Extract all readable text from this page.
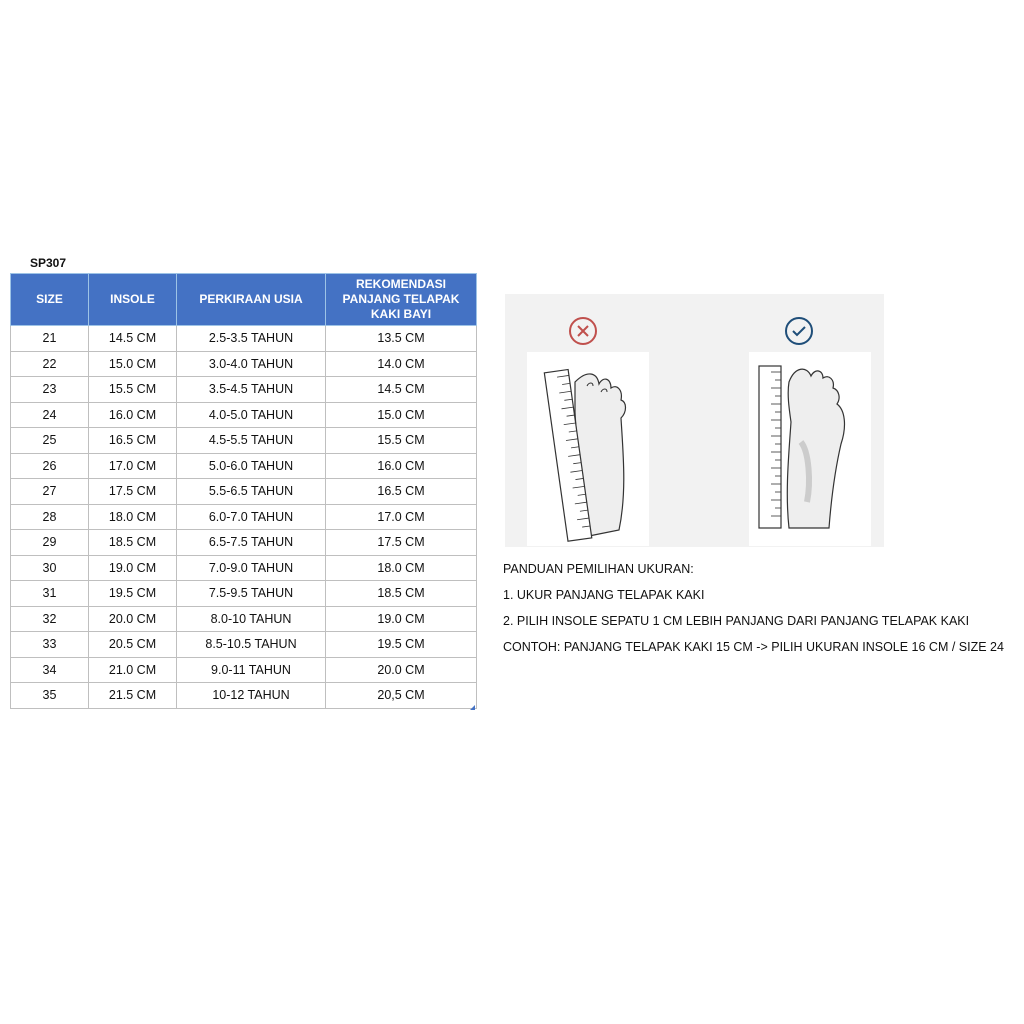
SP307
SIZE	INSOLE	PERKIRAAN USIA	REKOMENDASI PANJANG TELAPAK KAKI BAYI
21	14.5 CM	2.5-3.5 TAHUN	13.5 CM
22	15.0 CM	3.0-4.0 TAHUN	14.0 CM
23	15.5 CM	3.5-4.5 TAHUN	14.5 CM
24	16.0 CM	4.0-5.0 TAHUN	15.0 CM
25	16.5 CM	4.5-5.5 TAHUN	15.5 CM
26	17.0 CM	5.0-6.0 TAHUN	16.0 CM
27	17.5 CM	5.5-6.5 TAHUN	16.5 CM
28	18.0 CM	6.0-7.0 TAHUN	17.0 CM
29	18.5 CM	6.5-7.5 TAHUN	17.5 CM
30	19.0 CM	7.0-9.0 TAHUN	18.0 CM
31	19.5 CM	7.5-9.5 TAHUN	18.5 CM
32	20.0 CM	8.0-10 TAHUN	19.0 CM
33	20.5 CM	8.5-10.5 TAHUN	19.5 CM
34	21.0 CM	9.0-11 TAHUN	20.0 CM
35	21.5 CM	10-12 TAHUN	20,5 CM
PANDUAN PEMILIHAN UKURAN:
1. UKUR PANJANG TELAPAK KAKI
2. PILIH INSOLE SEPATU 1 CM LEBIH PANJANG DARI PANJANG TELAPAK KAKI
CONTOH: PANJANG TELAPAK KAKI 15 CM -> PILIH UKURAN INSOLE 16 CM / SIZE 24
